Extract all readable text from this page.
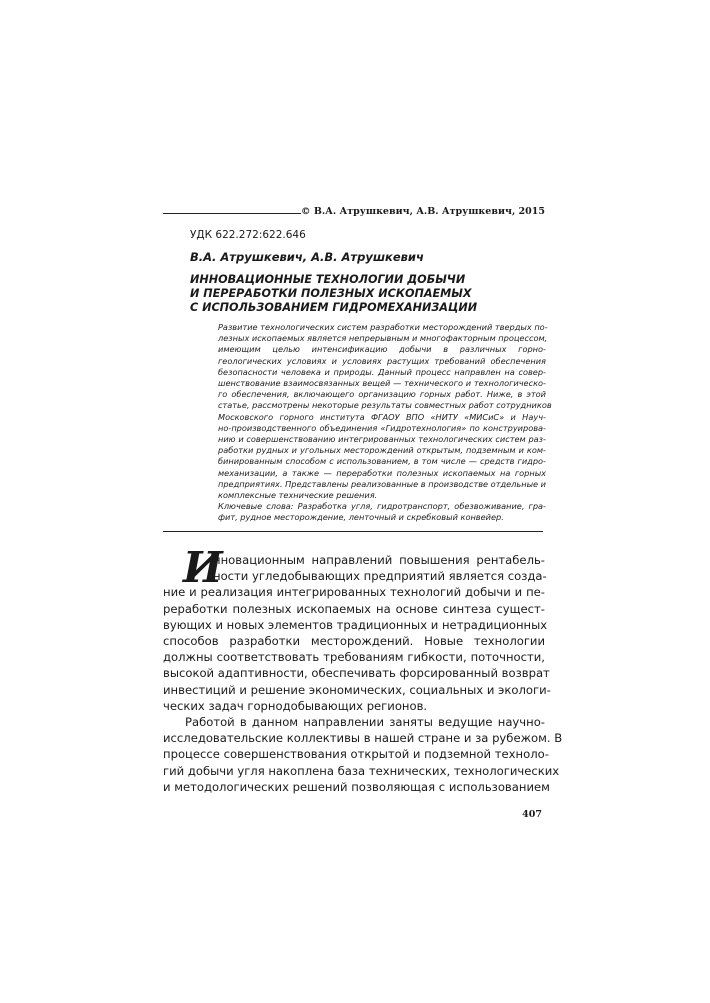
© В.А. Атрушкевич, А.В. Атрушкевич, 2015
УДК 622.272:622.646
В.А. Атрушкевич, А.В. Атрушкевич
ИННОВАЦИОННЫЕ ТЕХНОЛОГИИ ДОБЫЧИ
И ПЕРЕРАБОТКИ ПОЛЕЗНЫХ ИСКОПАЕМЫХ
С ИСПОЛЬЗОВАНИЕМ ГИДРОМЕХАНИЗАЦИИ
Развитие технологических систем разработки месторождений твердых по-
лезных ископаемых является непрерывным и многофакторным процессом,
имеющим целью интенсификацию добычи в различных горно-
геологических условиях и условиях растущих требований обеспечения
безопасности человека и природы. Данный процесс направлен на совер-
шенствование взаимосвязанных вещей — технического и технологическо-
го обеспечения, включающего организацию горных работ. Ниже, в этой
статье, рассмотрены некоторые результаты совместных работ сотрудников
Московского горного института ФГАОУ ВПО «НИТУ «МИСиС» и Науч-
но-производственного объединения «Гидротехнология» по конструирова-
нию и совершенствованию интегрированных технологических систем раз-
работки рудных и угольных месторождений открытым, подземным и ком-
бинированным способом с использованием, в том числе — средств гидро-
механизации, а также — переработки полезных ископаемых на горных
предприятиях. Представлены реализованные в производстве отдельные и
комплексные технические решения.
Ключевые слова: Разработка угля, гидротранспорт, обезвоживание, гра-
фит, рудное месторождение, ленточный и скребковый конвейер.
И
нновационным направлений повышения рентабель-
ности угледобывающих предприятий является созда-
ние и реализация интегрированных технологий добычи и пе-
реработки полезных ископаемых на основе синтеза сущест-
вующих и новых элементов традиционных и нетрадиционных
способов разработки месторождений. Новые технологии
должны соответствовать требованиям гибкости, поточности,
высокой адаптивности, обеспечивать форсированный возврат
инвестиций и решение экономических, социальных и экологи-
ческих задач горнодобывающих регионов.
Работой в данном направлении заняты ведущие научно-
исследовательские коллективы в нашей стране и за рубежом. В
процессе совершенствования открытой и подземной техноло-
гий добычи угля накоплена база технических, технологических
и методологических решений позволяющая с использованием
407
